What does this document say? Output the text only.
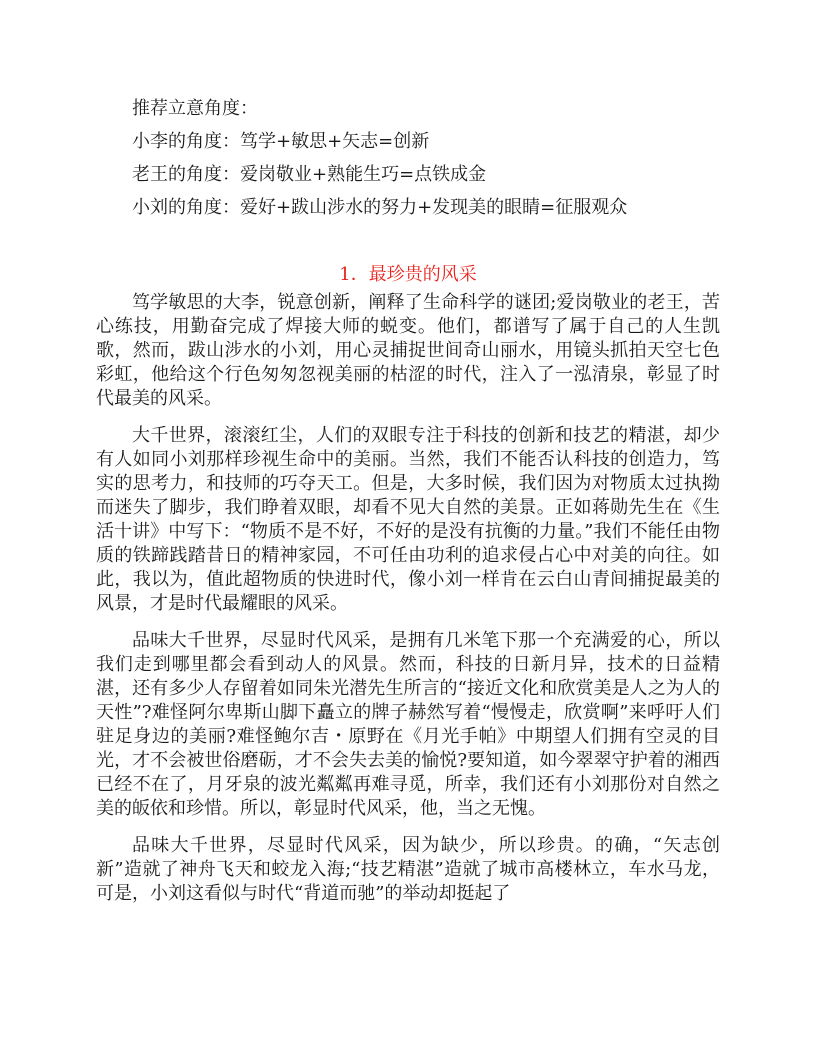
推荐立意角度：
小李的角度：笃学+敏思+矢志=创新
老王的角度：爱岗敬业+熟能生巧=点铁成金
小刘的角度：爱好+跋山涉水的努力+发现美的眼睛=征服观众
1．最珍贵的风采

笃学敏思的大李，锐意创新，阐释了生命科学的谜团;爱岗敬业的老王，苦心练技，用勤奋完成了焊接大师的蜕变。他们，都谱写了属于自己的人生凯歌，然而，跋山涉水的小刘，用心灵捕捉世间奇山丽水，用镜头抓拍天空七色彩虹，他给这个行色匆匆忽视美丽的枯涩的时代，注入了一泓清泉，彰显了时代最美的风采。

大千世界，滚滚红尘，人们的双眼专注于科技的创新和技艺的精湛，却少有人如同小刘那样珍视生命中的美丽。当然，我们不能否认科技的创造力，笃实的思考力，和技师的巧夺天工。但是，大多时候，我们因为对物质太过执拗而迷失了脚步，我们睁着双眼，却看不见大自然的美景。正如蒋勋先生在《生活十讲》中写下：“物质不是不好，不好的是没有抗衡的力量。”我们不能任由物质的铁蹄践踏昔日的精神家园，不可任由功利的追求侵占心中对美的向往。如此，我以为，值此超物质的快进时代，像小刘一样肯在云白山青间捕捉最美的风景，才是时代最耀眼的风采。

品味大千世界，尽显时代风采，是拥有几米笔下那一个充满爱的心，所以我们走到哪里都会看到动人的风景。然而，科技的日新月异，技术的日益精湛，还有多少人存留着如同朱光潜先生所言的“接近文化和欣赏美是人之为人的天性”?难怪阿尔卑斯山脚下矗立的牌子赫然写着“慢慢走，欣赏啊”来呼吁人们驻足身边的美丽?难怪鲍尔吉・原野在《月光手帕》中期望人们拥有空灵的目光，才不会被世俗磨砺，才不会失去美的愉悦?要知道，如今翠翠守护着的湘西已经不在了，月牙泉的波光粼粼再难寻觅，所幸，我们还有小刘那份对自然之美的皈依和珍惜。所以，彰显时代风采，他，当之无愧。

品味大千世界，尽显时代风采，因为缺少，所以珍贵。的确，“矢志创新”造就了神舟飞天和蛟龙入海;“技艺精湛”造就了城市高楼林立，车水马龙，可是，小刘这看似与时代“背道而驰”的举动却挺起了
